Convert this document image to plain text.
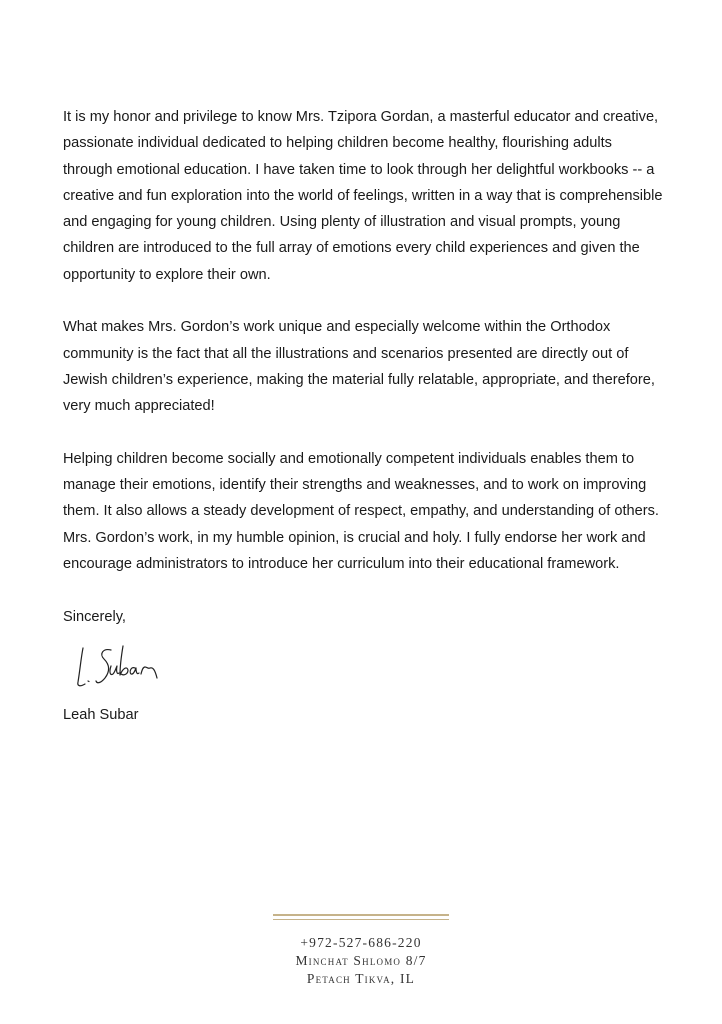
It is my honor and privilege to know Mrs. Tzipora Gordan, a masterful educator and creative, passionate individual dedicated to helping children become healthy, flourishing adults through emotional education. I have taken time to look through her delightful workbooks -- a creative and fun exploration into the world of feelings, written in a way that is comprehensible and engaging for young children. Using plenty of illustration and visual prompts, young children are introduced to the full array of emotions every child experiences and given the opportunity to explore their own.

What makes Mrs. Gordon’s work unique and especially welcome within the Orthodox community is the fact that all the illustrations and scenarios presented are directly out of Jewish children’s experience, making the material fully relatable, appropriate, and therefore, very much appreciated!

Helping children become socially and emotionally competent individuals enables them to manage their emotions, identify their strengths and weaknesses, and to work on improving them. It also allows a steady development of respect, empathy, and understanding of others. Mrs. Gordon’s work, in my humble opinion, is crucial and holy. I fully endorse her work and encourage administrators to introduce her curriculum into their educational framework.

Sincerely,

Leah Subar

+972-527-686-220
Minchat Shlomo 8/7
Petach Tikva, IL
